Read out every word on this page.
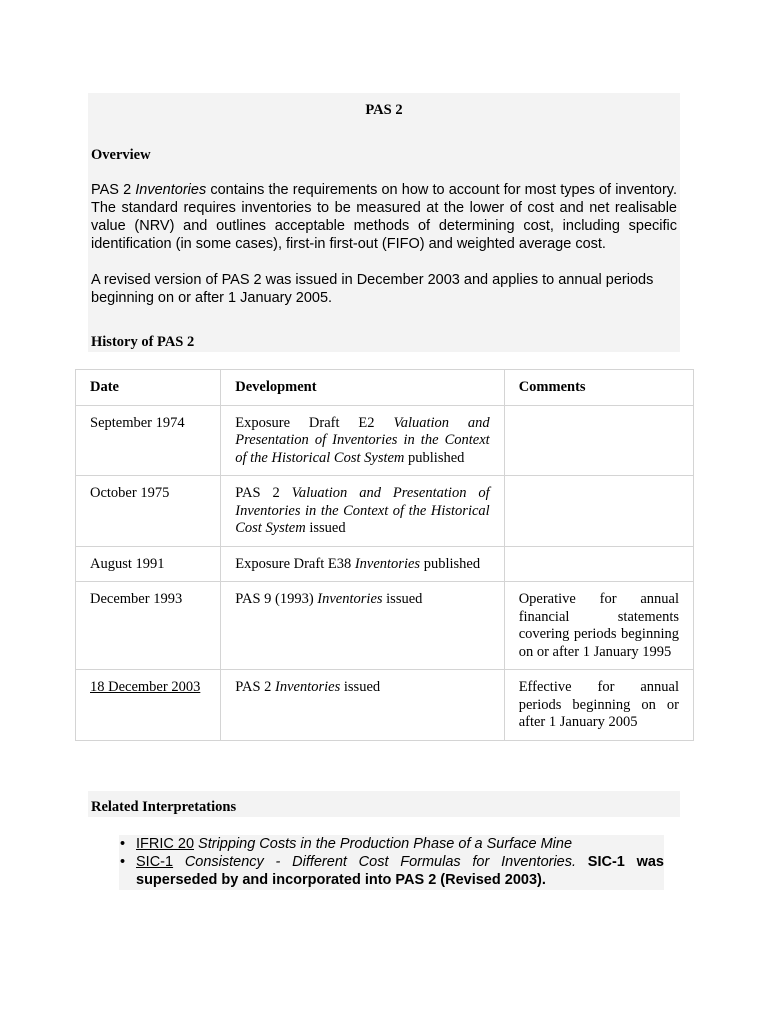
PAS 2
Overview

PAS 2 Inventories contains the requirements on how to account for most types of inventory. The standard requires inventories to be measured at the lower of cost and net realisable value (NRV) and outlines acceptable methods of determining cost, including specific identification (in some cases), first-in first-out (FIFO) and weighted average cost.

A revised version of PAS 2 was issued in December 2003 and applies to annual periods beginning on or after 1 January 2005.

History of PAS 2
Date	Development	Comments
September 1974	Exposure Draft E2 Valuation and Presentation of Inventories in the Context of the Historical Cost System published	
October 1975	PAS 2 Valuation and Presentation of Inventories in the Context of the Historical Cost System issued	
August 1991	Exposure Draft E38 Inventories published	
December 1993	PAS 9 (1993) Inventories issued	Operative for annual financial statements covering periods beginning on or after 1 January 1995
18 December 2003	PAS 2 Inventories issued	Effective for annual periods beginning on or after 1 January 2005
Related Interpretations
• IFRIC 20 Stripping Costs in the Production Phase of a Surface Mine
• SIC-1 Consistency - Different Cost Formulas for Inventories. SIC-1 was superseded by and incorporated into PAS 2 (Revised 2003).
